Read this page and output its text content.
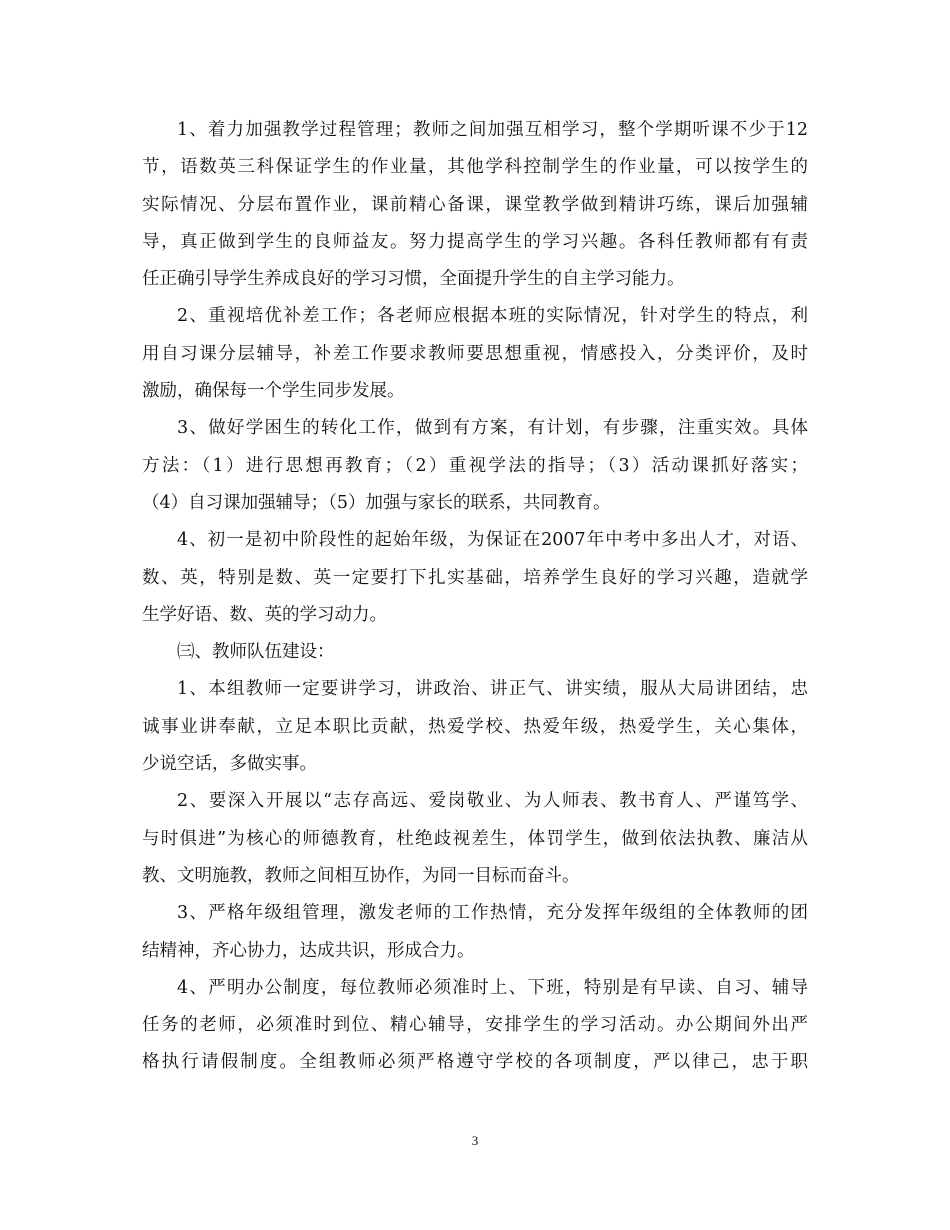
1、着力加强教学过程管理；教师之间加强互相学习，整个学期听课不少于12
节，语数英三科保证学生的作业量，其他学科控制学生的作业量，可以按学生的
实际情况、分层布置作业，课前精心备课，课堂教学做到精讲巧练，课后加强辅
导，真正做到学生的良师益友。努力提高学生的学习兴趣。各科任教师都有有责
任正确引导学生养成良好的学习习惯，全面提升学生的自主学习能力。
2、重视培优补差工作；各老师应根据本班的实际情况，针对学生的特点，利
用自习课分层辅导，补差工作要求教师要思想重视，情感投入，分类评价，及时
激励，确保每一个学生同步发展。
3、做好学困生的转化工作，做到有方案，有计划，有步骤，注重实效。具体
方法：（1）进行思想再教育；（2）重视学法的指导；（3）活动课抓好落实；
（4）自习课加强辅导；（5）加强与家长的联系，共同教育。
4、初一是初中阶段性的起始年级，为保证在2007年中考中多出人才，对语、
数、英，特别是数、英一定要打下扎实基础，培养学生良好的学习兴趣，造就学
生学好语、数、英的学习动力。
㈢、教师队伍建设：
1、本组教师一定要讲学习，讲政治、讲正气、讲实绩，服从大局讲团结，忠
诚事业讲奉献，立足本职比贡献，热爱学校、热爱年级，热爱学生，关心集体，
少说空话，多做实事。
2、要深入开展以“志存高远、爱岗敬业、为人师表、教书育人、严谨笃学、
与时俱进”为核心的师德教育，杜绝歧视差生，体罚学生，做到依法执教、廉洁从
教、文明施教，教师之间相互协作，为同一目标而奋斗。
3、严格年级组管理，激发老师的工作热情，充分发挥年级组的全体教师的团
结精神，齐心协力，达成共识，形成合力。
4、严明办公制度，每位教师必须准时上、下班，特别是有早读、自习、辅导
任务的老师，必须准时到位、精心辅导，安排学生的学习活动。办公期间外出严
格执行请假制度。全组教师必须严格遵守学校的各项制度，严以律己，忠于职
3
